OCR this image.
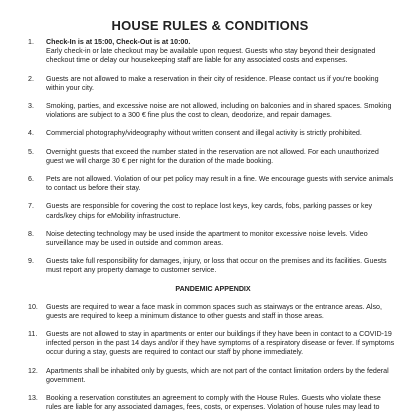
HOUSE RULES & CONDITIONS
1.	Check-In is at 15:00, Check-Out is at 10:00.

Early check-in or late checkout may be available upon request. Guests who stay beyond their designated checkout time or delay our housekeeping staff are liable for any associated costs and expenses.

2.	Guests are not allowed to make a reservation in their city of residence. Please contact us if you're booking within your city.

3.	Smoking, parties, and excessive noise are not allowed, including on balconies and in shared spaces. Smoking violations are subject to a 300 € fine plus the cost to clean, deodorize, and repair damages.

4.	Commercial photography/videography without written consent and illegal activity is strictly prohibited.

5.	Overnight guests that exceed the number stated in the reservation are not allowed. For each unauthorized guest we will charge 30 € per night for the duration of the made booking.

6.	Pets are not allowed. Violation of our pet policy may result in a fine. We encourage guests with service animals to contact us before their stay.

7.	Guests are responsible for covering the cost to replace lost keys, key cards, fobs, parking passes or key cards/key chips for eMobility infrastructure.

8.	Noise detecting technology may be used inside the apartment to monitor excessive noise levels. Video surveillance may be used in outside and common areas.

9.	Guests take full responsibility for damages, injury, or loss that occur on the premises and its facilities. Guests must report any property damage to customer service.

PANDEMIC APPENDIX
10.	Guests are required to wear a face mask in common spaces such as stairways or the entrance areas. Also, guests are required to keep a minimum distance to other guests and staff in those areas.

11.	Guests are not allowed to stay in apartments or enter our buildings if they have been in contact to a COVID-19 infected person in the past 14 days and/or if they have symptoms of a respiratory disease or fever. If symptoms occur during a stay, guests are required to contact our staff by phone immediately.

12.	Apartments shall be inhabited only by guests, which are not part of the contact limitation orders by the federal government.

13.	Booking a reservation constitutes an agreement to comply with the House Rules. Guests who violate these rules are liable for any associated damages, fees, costs, or expenses. Violation of house rules may lead to
